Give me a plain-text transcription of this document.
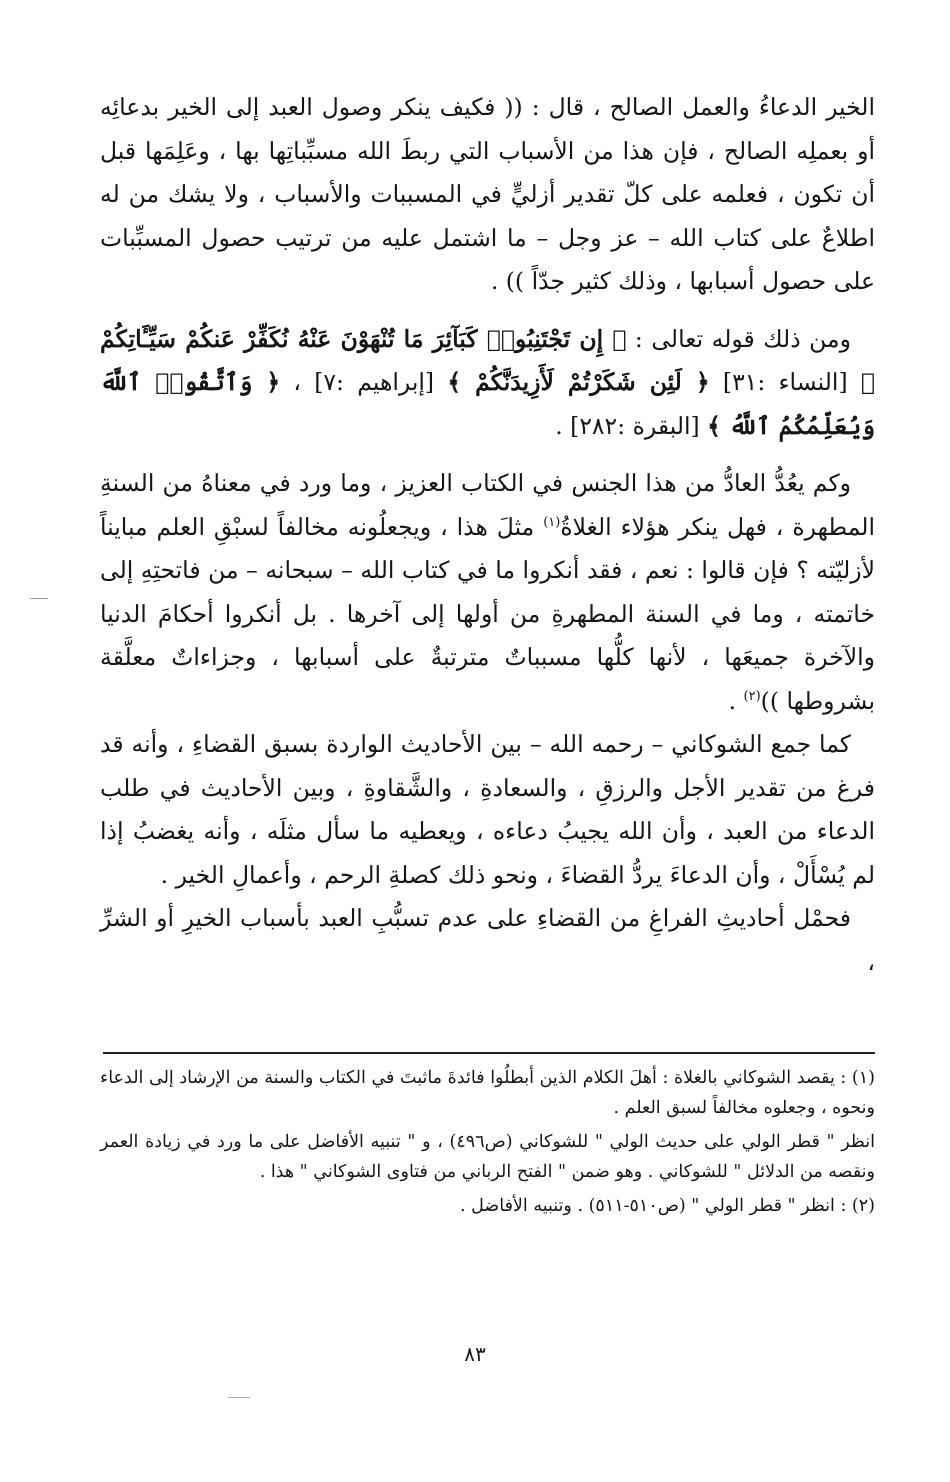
الخير الدعاءُ والعمل الصالح ، قال : (( فكيف ينكر وصول العبد إلى الخير بدعائِه أو بعملِه الصالح ، فإن هذا من الأسباب التي ربطَ الله مسبِّباتِها بها ، وعَلِمَها قبل أن تكون ، فعلمه على كلّ تقدير أزليٍّ في المسببات والأسباب ، ولا يشك من له اطلاعٌ على كتاب الله – عز وجل – ما اشتمل عليه من ترتيب حصول المسبِّبات على حصول أسبابها ، وذلك كثير جدّاً )) .

ومن ذلك قوله تعالى : ﴿ إِن تَجْتَنِبُوا۟ كَبَآئِرَ مَا تُنْهَوْنَ عَنْهُ نُكَفِّرْ عَنكُمْ سَيِّـَٔاتِكُمْ ﴾ [النساء :٣١] ﴿ لَئِن شَكَرْتُمْ لَأَزِيدَنَّكُمْ ﴾ [إبراهيم :٧] ، ﴿ وَٱتَّقُوا۟ ٱللَّهَ وَيُعَلِّمُكُمُ ٱللَّهُ ﴾ [البقرة :٢٨٢] .

وكم يعُدُّ العادُّ من هذا الجنس في الكتاب العزيز ، وما ورد في معناهُ من السنةِ المطهرة ، فهل ينكر هؤلاء الغلاةُ$^{(١)}$ مثلَ هذا ، ويجعلُونه مخالفاً لسبْقِ العلم مبايناً لأزليّته ؟ فإن قالوا : نعم ، فقد أنكروا ما في كتاب الله – سبحانه – من فاتحتِهِ إلى خاتمته ، وما في السنة المطهرةِ من أولها إلى آخرها . بل أنكروا أحكامَ الدنيا والآخرة جميعَها ، لأنها كلُّها مسبباتٌ مترتبةٌ على أسبابها ، وجزاءاتٌ معلَّقة بشروطها ))$^{(٢)}$ .

كما جمع الشوكاني – رحمه الله – بين الأحاديث الواردة بسبق القضاءِ ، وأنه قد فرغ من تقدير الأجل والرزقِ ، والسعادةِ ، والشَّقاوةِ ، وبين الأحاديث في طلب الدعاء من العبد ، وأن الله يجيبُ دعاءه ، ويعطيه ما سأل مثلَه ، وأنه يغضبُ إذا لم يُسْأَلْ ، وأن الدعاءَ يردُّ القضاءَ ، ونحو ذلك كصلةِ الرحم ، وأعمالِ الخير .

فحمْل أحاديثِ الفراغِ من القضاءِ على عدم تسبُّبِ العبد بأسباب الخيرِ أو الشرِّ ،

(١) : يقصد الشوكاني بالغلاة : أهلَ الكلام الذين أبطلُوا فائدةَ ماثبتَ في الكتاب والسنة من الإرشاد إلى الدعاء ونحوه ، وجعلوه مخالفاً لسبق العلم .

انظر " قطر الولي على حديث الولي " للشوكاني (ص٤٩٦) ، و " تنبيه الأفاضل على ما ورد في زيادة العمر ونقصه من الدلائل " للشوكاني . وهو ضمن " الفتح الرباني من فتاوى الشوكاني " هذا .

(٢) : انظر " قطر الولي " (ص٥١٠-٥١١) . وتنبيه الأفاضل .

٨٣
